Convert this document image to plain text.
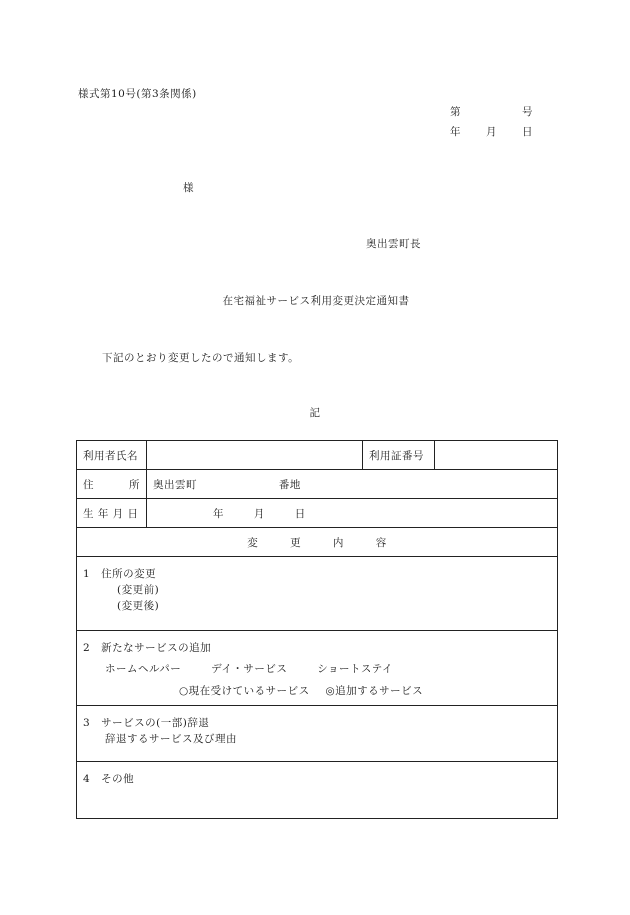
様式第10号(第3条関係)
第	号
年 月 日
様
奥出雲町長
在宅福祉サービス利用変更決定通知書
下記のとおり変更したので通知します。
記
利用者氏名		利用証番号	

住 所	奥出雲町 番地		
生 年 月 日	年 月 日		
変 更 内 容			

1　住所の変更
(変更前)
(変更後)			

2　新たなサービスの追加
ホームヘルパー デイ・サービス ショートステイ
○現在受けているサービス ◎追加するサービス			

3　サービスの(一部)辞退
辞退するサービス及び理由			

4　その他			
